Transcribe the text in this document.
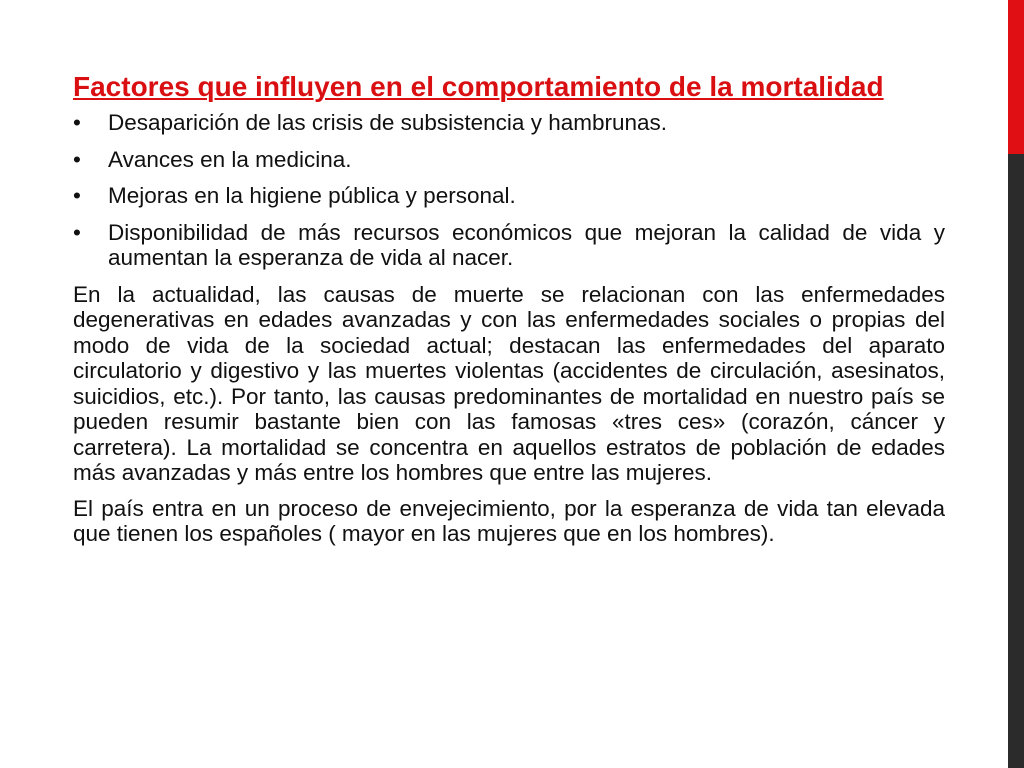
Factores que influyen en el comportamiento de la mortalidad
• Desaparición de las crisis de subsistencia y hambrunas.
• Avances en la medicina.
• Mejoras en la higiene pública y personal.
• Disponibilidad de más recursos económicos que mejoran la calidad de vida y aumentan la esperanza de vida al nacer.

En la actualidad, las causas de muerte se relacionan con las enfermedades degenerativas en edades avanzadas y con las enfermedades sociales o propias del modo de vida de la sociedad actual; destacan las enfermedades del aparato circulatorio y digestivo y las muertes violentas (accidentes de circulación, asesinatos, suicidios, etc.). Por tanto, las causas predominantes de mortalidad en nuestro país se pueden resumir bastante bien con las famosas «tres ces» (corazón, cáncer y carretera). La mortalidad se concentra en aquellos estratos de población de edades más avanzadas y más entre los hombres que entre las mujeres.

El país entra en un proceso de envejecimiento, por la esperanza de vida tan elevada que tienen los españoles ( mayor en las mujeres que en los hombres).
